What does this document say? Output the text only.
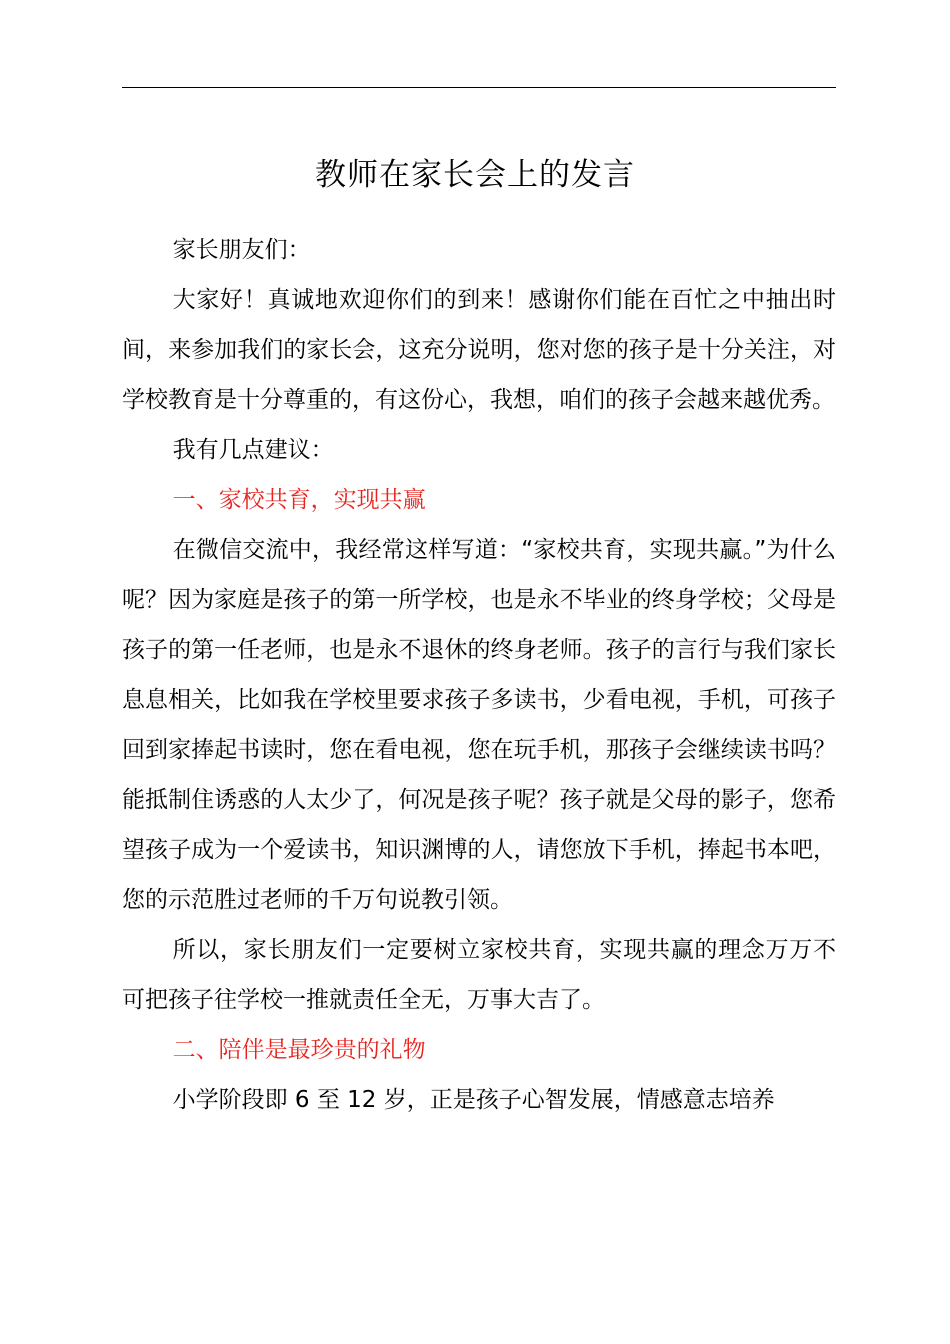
教师在家长会上的发言

家长朋友们：

大家好！真诚地欢迎你们的到来！感谢你们能在百忙之中抽出时间，来参加我们的家长会，这充分说明，您对您的孩子是十分关注，对学校教育是十分尊重的，有这份心，我想，咱们的孩子会越来越优秀。

我有几点建议：

一、家校共育，实现共赢

在微信交流中，我经常这样写道：“家校共育，实现共赢。”为什么呢？因为家庭是孩子的第一所学校，也是永不毕业的终身学校；父母是孩子的第一任老师，也是永不退休的终身老师。孩子的言行与我们家长息息相关，比如我在学校里要求孩子多读书，少看电视，手机，可孩子回到家捧起书读时，您在看电视，您在玩手机，那孩子会继续读书吗？能抵制住诱惑的人太少了，何况是孩子呢？孩子就是父母的影子，您希望孩子成为一个爱读书，知识渊博的人，请您放下手机，捧起书本吧，您的示范胜过老师的千万句说教引领。

所以，家长朋友们一定要树立家校共育，实现共赢的理念万万不可把孩子往学校一推就责任全无，万事大吉了。

二、陪伴是最珍贵的礼物

小学阶段即 6 至 12 岁，正是孩子心智发展，情感意志培养
